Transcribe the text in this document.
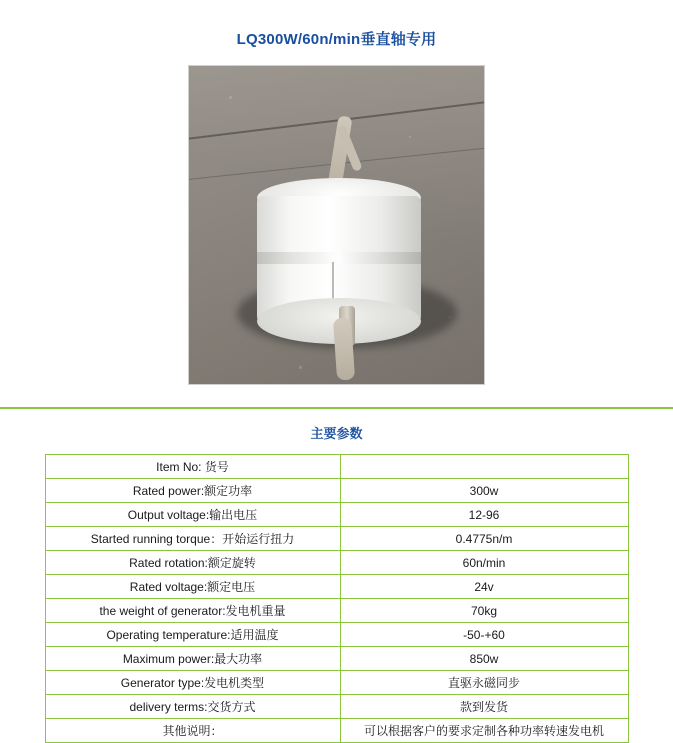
LQ300W/60n/min垂直轴专用
主要参数
Item No: 货号	
Rated power:额定功率	300w
Output voltage:输出电压	12-96
Started running torque：开始运行扭力	0.4775n/m
Rated rotation:额定旋转	60n/min
Rated voltage:额定电压	24v
the weight of generator:发电机重量	70kg
Operating temperature:适用温度	-50-+60
Maximum power:最大功率	850w
Generator type:发电机类型	直驱永磁同步
delivery terms:交货方式	款到发货
其他说明：	可以根据客户的要求定制各种功率转速发电机
